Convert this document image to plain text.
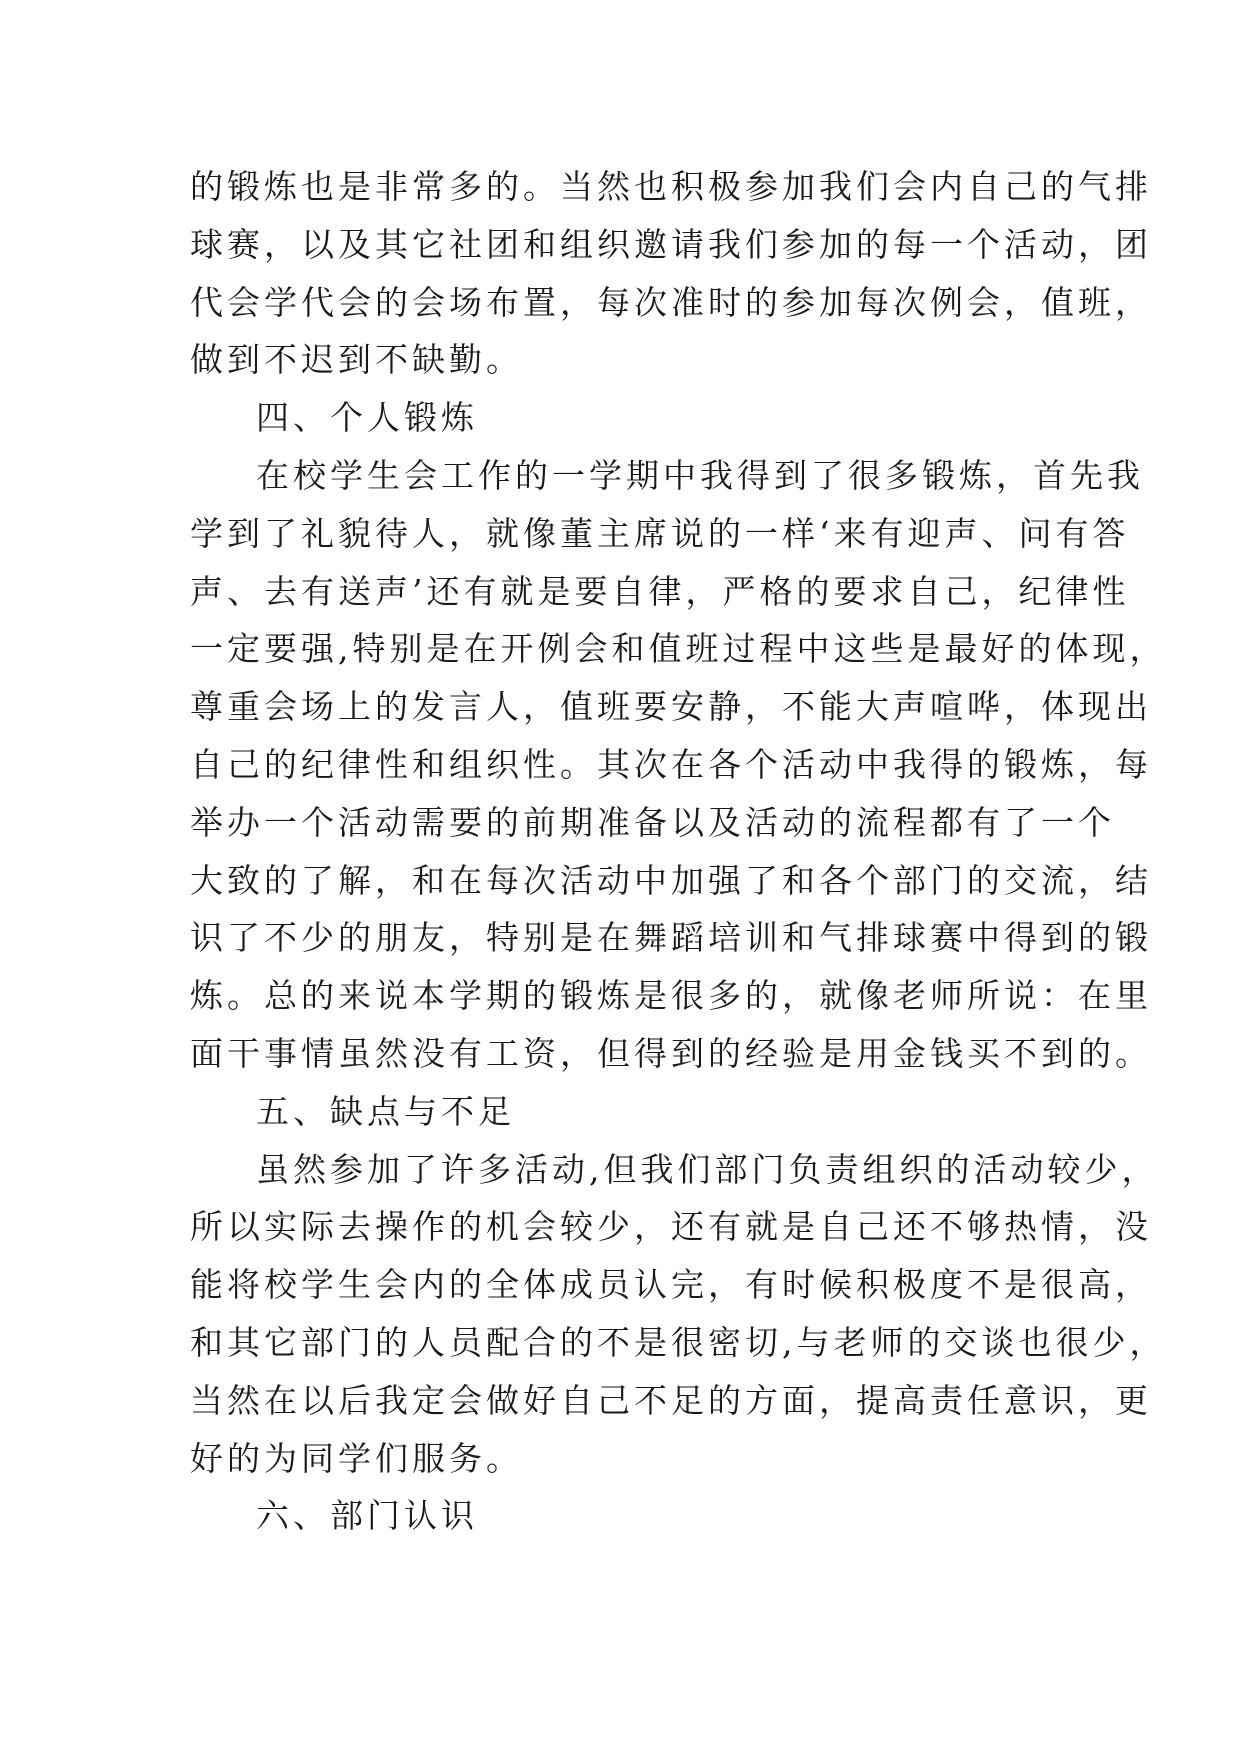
的锻炼也是非常多的。当然也积极参加我们会内自己的气排
球赛，以及其它社团和组织邀请我们参加的每一个活动，团
代会学代会的会场布置，每次准时的参加每次例会，值班，
做到不迟到不缺勤。
四、个人锻炼
在校学生会工作的一学期中我得到了很多锻炼，首先我
学到了礼貌待人，就像董主席说的一样‘来有迎声、问有答
声、去有送声’还有就是要自律，严格的要求自己，纪律性
一定要强,特别是在开例会和值班过程中这些是最好的体现，
尊重会场上的发言人，值班要安静，不能大声喧哗，体现出
自己的纪律性和组织性。其次在各个活动中我得的锻炼，每
举办一个活动需要的前期准备以及活动的流程都有了一个
大致的了解，和在每次活动中加强了和各个部门的交流，结
识了不少的朋友，特别是在舞蹈培训和气排球赛中得到的锻
炼。总的来说本学期的锻炼是很多的，就像老师所说：在里
面干事情虽然没有工资，但得到的经验是用金钱买不到的。
五、缺点与不足
虽然参加了许多活动,但我们部门负责组织的活动较少，
所以实际去操作的机会较少，还有就是自己还不够热情，没
能将校学生会内的全体成员认完，有时候积极度不是很高，
和其它部门的人员配合的不是很密切,与老师的交谈也很少，
当然在以后我定会做好自己不足的方面，提高责任意识，更
好的为同学们服务。
六、部门认识
